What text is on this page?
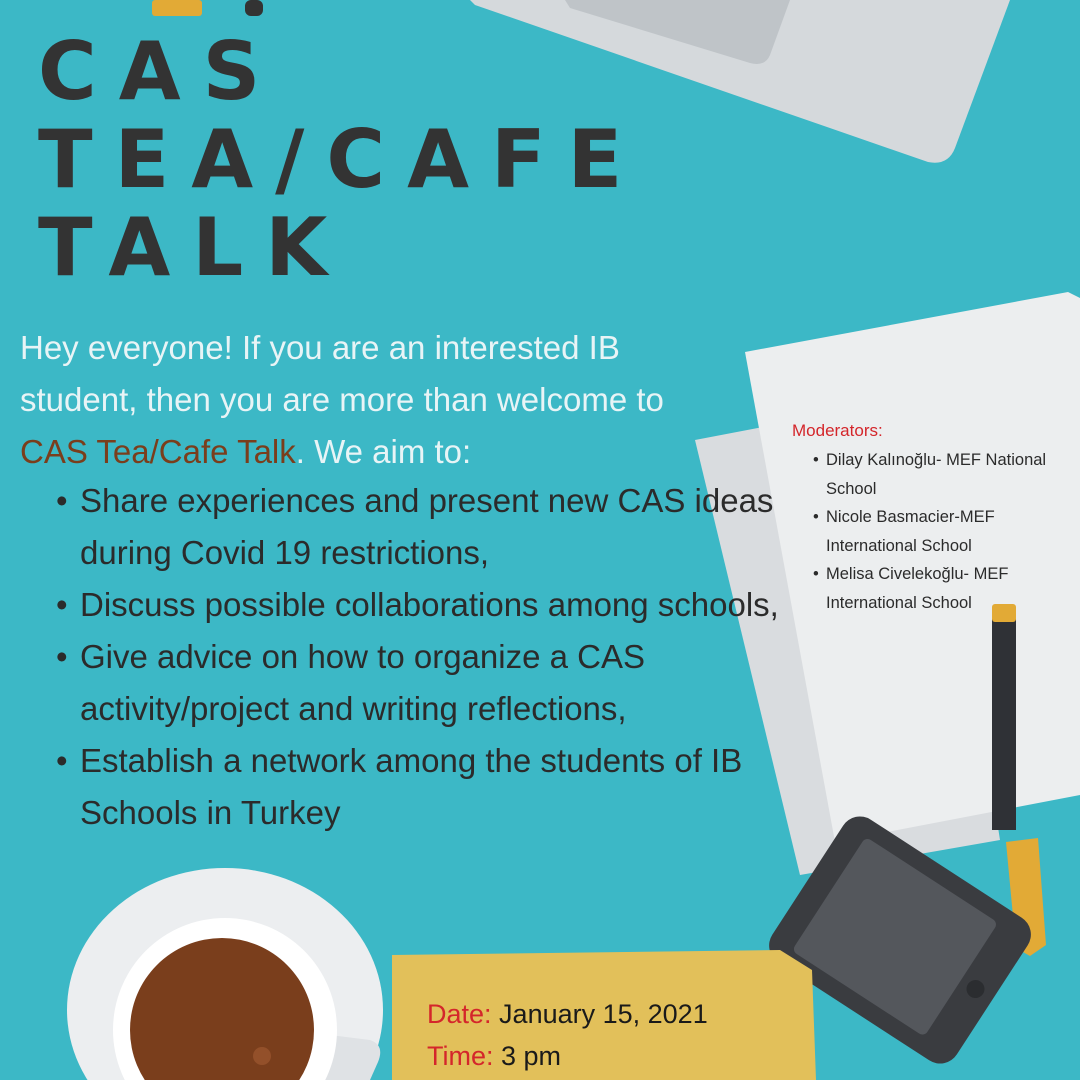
CAS
TEA/CAFE
TALK

Hey everyone! If you are an interested IB student, then you are more than welcome to CAS Tea/Cafe Talk. We aim to:

• Share experiences and present new CAS ideas during Covid 19 restrictions,
• Discuss possible collaborations among schools,
• Give advice on how to organize a CAS activity/project and writing reflections,
• Establish a network among the students of IB Schools in Turkey

Moderators:

• Dilay Kalınoğlu- MEF National School
• Nicole Basmacier-MEF International School
• Melisa Civelekoğlu- MEF International School
Date: January 15, 2021
Time: 3 pm
